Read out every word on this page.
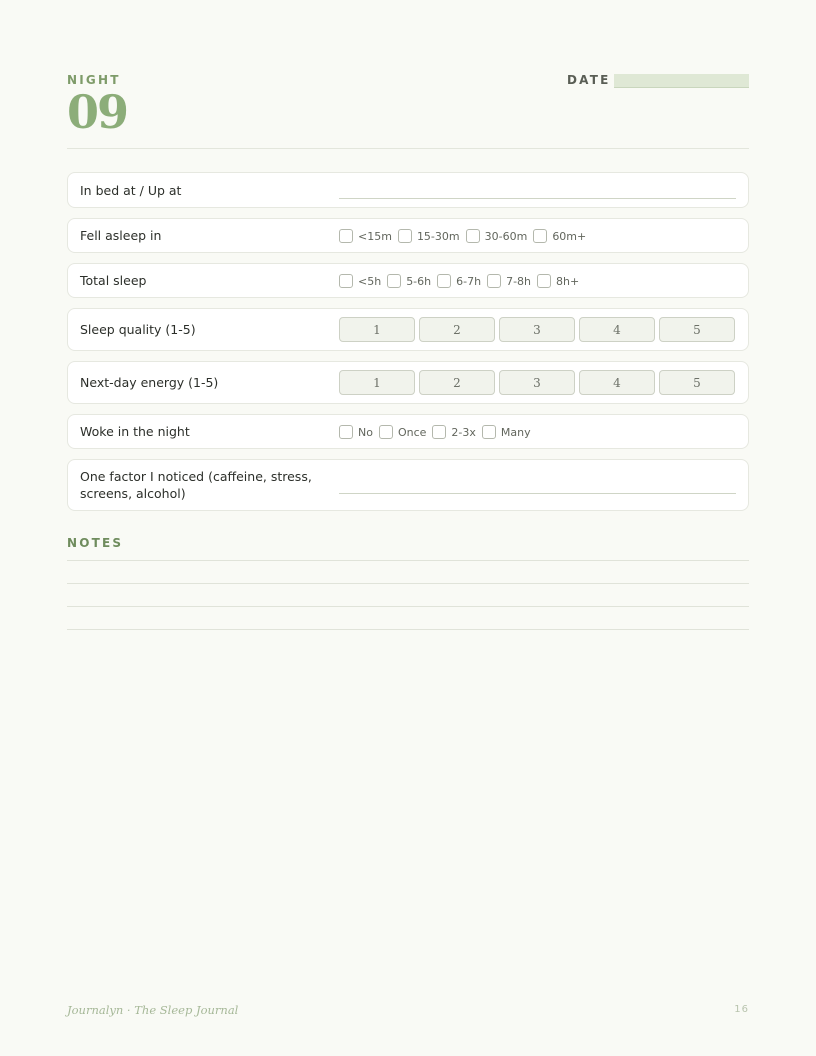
NIGHT
09
DATE
In bed at / Up at
Fell asleep in	<15m 15-30m 30-60m 60m+
Total sleep	<5h 5-6h 6-7h 7-8h 8h+
Sleep quality (1-5)	1	2	3	4	5
Next-day energy (1-5)	1	2	3	4	5
Woke in the night	No Once 2-3x Many
One factor I noticed (caffeine, stress,
screens, alcohol)
NOTES
Journalyn · The Sleep Journal	16
